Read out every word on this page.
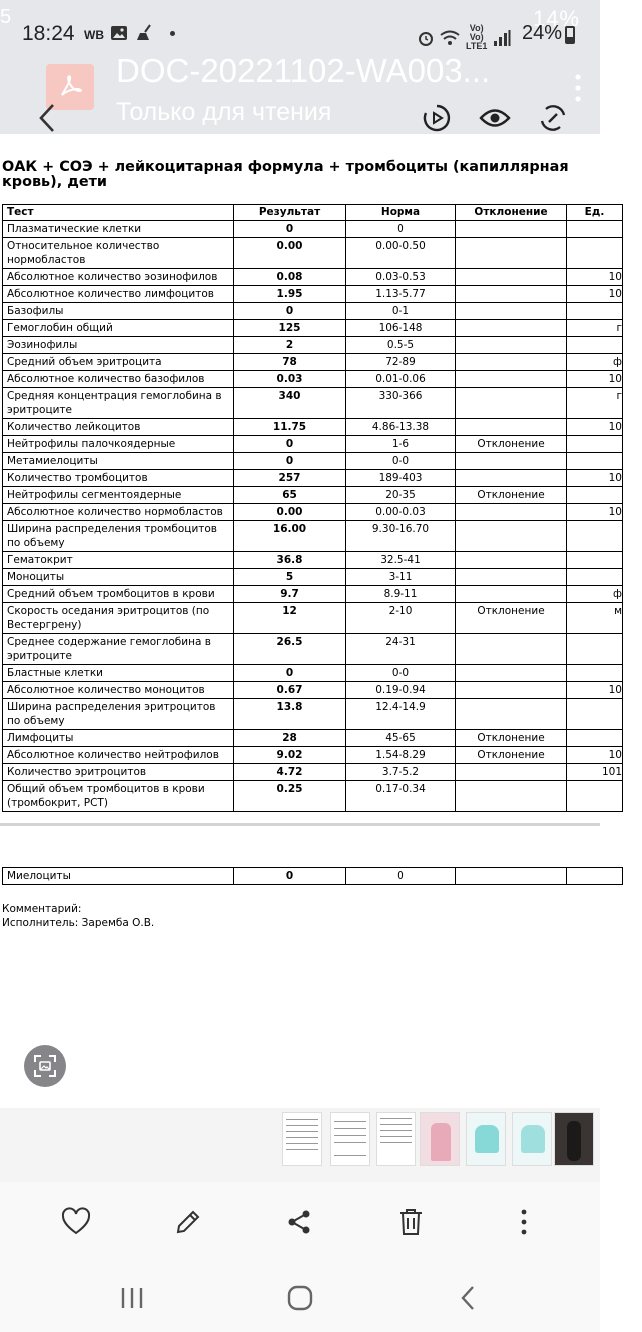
5	14%
18:24 WB	Vo)
Vo)
LTE1
24%
DOC-20221102-WA003...
Только для чтения
ОАК + СОЭ + лейкоцитарная формула + тромбоциты (капиллярная
кровь), дети
Тест	Результат	Норма	Отклонение	Ед.
Плазматические клетки	0	0		
Относительное количество нормобластов	0.00	0.00-0.50		
Абсолютное количество эозинофилов	0.08	0.03-0.53		10
Абсолютное количество лимфоцитов	1.95	1.13-5.77		10
Базофилы	0	0-1		
Гемоглобин общий	125	106-148		г
Эозинофилы	2	0.5-5		
Средний объем эритроцита	78	72-89		ф
Абсолютное количество базофилов	0.03	0.01-0.06		10
Средняя концентрация гемоглобина в эритроците	340	330-366		г
Количество лейкоцитов	11.75	4.86-13.38		10
Нейтрофилы палочкоядерные	0	1-6	Отклонение	
Метамиелоциты	0	0-0		
Количество тромбоцитов	257	189-403		10
Нейтрофилы сегментоядерные	65	20-35	Отклонение	
Абсолютное количество нормобластов	0.00	0.00-0.03		10
Ширина распределения тромбоцитов по объему	16.00	9.30-16.70		
Гематокрит	36.8	32.5-41		
Моноциты	5	3-11		
Средний объем тромбоцитов в крови	9.7	8.9-11		ф
Скорость оседания эритроцитов (по Вестергрену)	12	2-10	Отклонение	м
Среднее содержание гемоглобина в эритроците	26.5	24-31		
Бластные клетки	0	0-0		
Абсолютное количество моноцитов	0.67	0.19-0.94		10
Ширина распределения эритроцитов по объему	13.8	12.4-14.9		
Лимфоциты	28	45-65	Отклонение	
Абсолютное количество нейтрофилов	9.02	1.54-8.29	Отклонение	10
Количество эритроцитов	4.72	3.7-5.2		101
Общий объем тромбоцитов в крови (тромбокрит, PCT)	0.25	0.17-0.34		
Миелоциты	0	0		
Комментарий:
Исполнитель: Заремба О.В.
